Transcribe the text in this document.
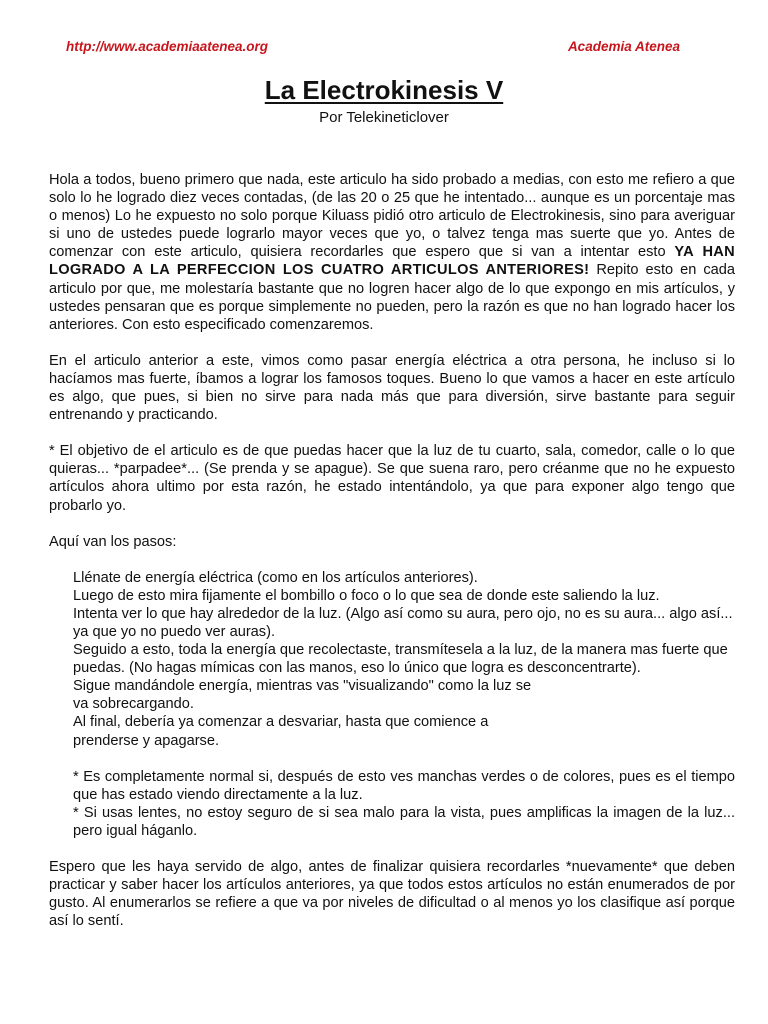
http://www.academiaatenea.org	Academia Atenea
La Electrokinesis V
Por Telekineticlover

Hola a todos, bueno primero que nada, este articulo ha sido probado a medias, con esto me refiero a que solo lo he logrado diez veces contadas, (de las 20 o 25 que he intentado... aunque es un porcentaje mas o menos) Lo he expuesto no solo porque Kiluass pidió otro articulo de Electrokinesis, sino para averiguar si uno de ustedes puede lograrlo mayor veces que yo, o talvez tenga mas suerte que yo. Antes de comenzar con este articulo, quisiera recordarles que espero que si van a intentar esto YA HAN LOGRADO A LA PERFECCION LOS CUATRO ARTICULOS ANTERIORES! Repito esto en cada articulo por que, me molestaría bastante que no logren hacer algo de lo que expongo en mis artículos, y ustedes pensaran que es porque simplemente no pueden, pero la razón es que no han logrado hacer los anteriores. Con esto especificado comenzaremos.

En el articulo anterior a este, vimos como pasar energía eléctrica a otra persona, he incluso si lo hacíamos mas fuerte, íbamos a lograr los famosos toques. Bueno lo que vamos a hacer en este artículo es algo, que pues, si bien no sirve para nada más que para diversión, sirve bastante para seguir entrenando y practicando.

* El objetivo de el articulo es de que puedas hacer que la luz de tu cuarto, sala, comedor, calle o lo que quieras... *parpadee*... (Se prenda y se apague). Se que suena raro, pero créanme que no he expuesto artículos ahora ultimo por esta razón, he estado intentándolo, ya que para exponer algo tengo que probarlo yo.

Aquí van los pasos:

Llénate de energía eléctrica (como en los artículos anteriores).
Luego de esto mira fijamente el bombillo o foco o lo que sea de donde este saliendo la luz.
Intenta ver lo que hay alrededor de la luz. (Algo así como su aura, pero ojo, no es su aura... algo así... ya que yo no puedo ver auras).
Seguido a esto, toda la energía que recolectaste, transmítesela a la luz, de la manera mas fuerte que puedas. (No hagas mímicas con las manos, eso lo único que logra es desconcentrarte).
Sigue mandándole energía, mientras vas "visualizando" como la luz se
va sobrecargando.
Al final, debería ya comenzar a desvariar, hasta que comience a
prenderse y apagarse.
* Es completamente normal si, después de esto ves manchas verdes o de colores, pues es el tiempo que has estado viendo directamente a la luz.
* Si usas lentes, no estoy seguro de si sea malo para la vista, pues amplificas la imagen de la luz... pero igual háganlo.

Espero que les haya servido de algo, antes de finalizar quisiera recordarles *nuevamente* que deben practicar y saber hacer los artículos anteriores, ya que todos estos artículos no están enumerados de por gusto. Al enumerarlos se refiere a que va por niveles de dificultad o al menos yo los clasifique así porque así lo sentí.
